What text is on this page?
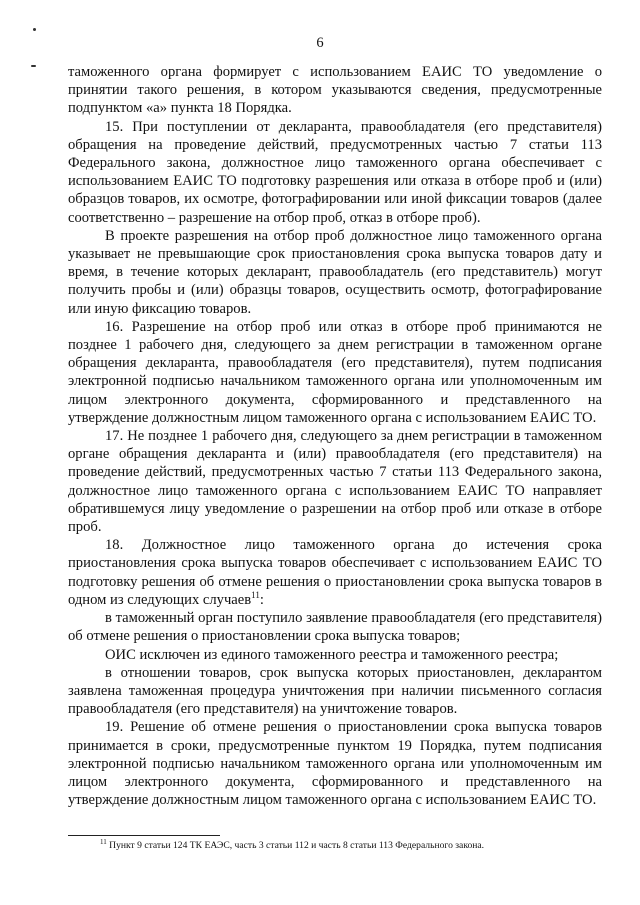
6

таможенного органа формирует с использованием ЕАИС ТО уведомление о принятии такого решения, в котором указываются сведения, предусмотренные подпунктом «а» пункта 18 Порядка.

15. При поступлении от декларанта, правообладателя (его представителя) обращения на проведение действий, предусмотренных частью 7 статьи 113 Федерального закона, должностное лицо таможенного органа обеспечивает с использованием ЕАИС ТО подготовку разрешения или отказа в отборе проб и (или) образцов товаров, их осмотре, фотографировании или иной фиксации товаров (далее соответственно – разрешение на отбор проб, отказ в отборе проб).

В проекте разрешения на отбор проб должностное лицо таможенного органа указывает не превышающие срок приостановления срока выпуска товаров дату и время, в течение которых декларант, правообладатель (его представитель) могут получить пробы и (или) образцы товаров, осуществить осмотр, фотографирование или иную фиксацию товаров.

16. Разрешение на отбор проб или отказ в отборе проб принимаются не позднее 1 рабочего дня, следующего за днем регистрации в таможенном органе обращения декларанта, правообладателя (его представителя), путем подписания электронной подписью начальником таможенного органа или уполномоченным им лицом электронного документа, сформированного и представленного на утверждение должностным лицом таможенного органа с использованием ЕАИС ТО.

17. Не позднее 1 рабочего дня, следующего за днем регистрации в таможенном органе обращения декларанта и (или) правообладателя (его представителя) на проведение действий, предусмотренных частью 7 статьи 113 Федерального закона, должностное лицо таможенного органа с использованием ЕАИС ТО направляет обратившемуся лицу уведомление о разрешении на отбор проб или отказе в отборе проб.

18. Должностное лицо таможенного органа до истечения срока приостановления срока выпуска товаров обеспечивает с использованием ЕАИС ТО подготовку решения об отмене решения о приостановлении срока выпуска товаров в одном из следующих случаев$^{11}$:

в таможенный орган поступило заявление правообладателя (его представителя) об отмене решения о приостановлении срока выпуска товаров;

ОИС исключен из единого таможенного реестра и таможенного реестра;

в отношении товаров, срок выпуска которых приостановлен, декларантом заявлена таможенная процедура уничтожения при наличии письменного согласия правообладателя (его представителя) на уничтожение товаров.

19. Решение об отмене решения о приостановлении срока выпуска товаров принимается в сроки, предусмотренные пунктом 19 Порядка, путем подписания электронной подписью начальником таможенного органа или уполномоченным им лицом электронного документа, сформированного и представленного на утверждение должностным лицом таможенного органа с использованием ЕАИС ТО.

$^{11}$ Пункт 9 статьи 124 ТК ЕАЭС, часть 3 статьи 112 и часть 8 статьи 113 Федерального закона.
